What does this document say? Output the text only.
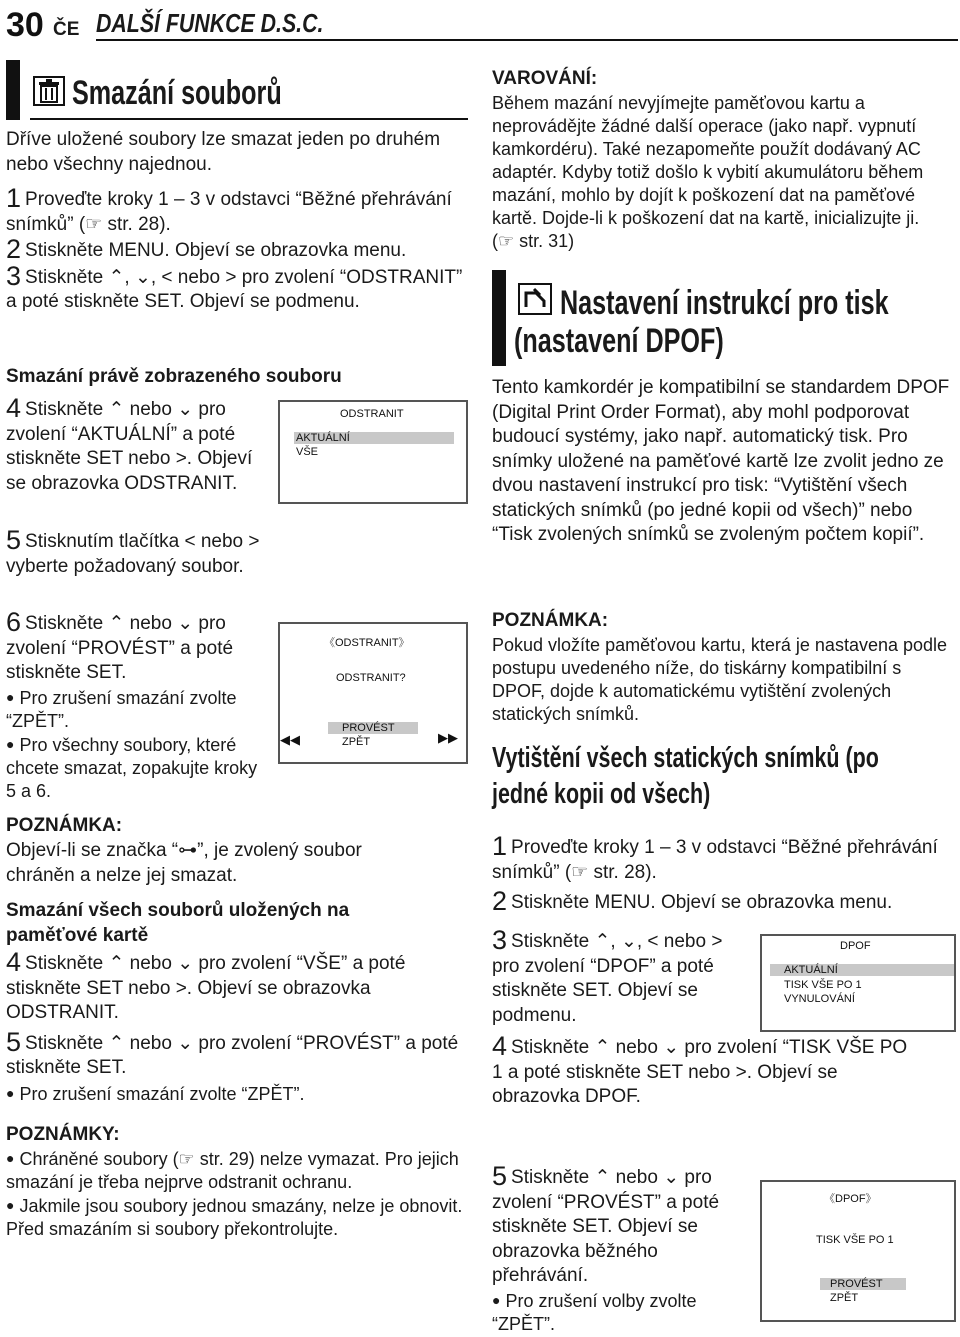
30 ČE DALŠÍ FUNKCE D.S.C.
Smazání souborů

Dříve uložené soubory lze smazat jeden po druhém nebo všechny najednou.

1 Proveďte kroky 1 – 3 v odstavci “Běžné přehrávání snímků” (☞ str. 28).

2 Stiskněte MENU. Objeví se obrazovka menu.

3 Stiskněte ⌃, ⌄, < nebo > pro zvolení “ODSTRANIT” a poté stiskněte SET. Objeví se podmenu.

Smazání právě zobrazeného souboru

4 Stiskněte ⌃ nebo ⌄ pro zvolení “AKTUÁLNÍ” a poté stiskněte SET nebo >. Objeví se obrazovka ODSTRANIT.

5 Stisknutím tlačítka < nebo > vyberte požadovaný soubor.

6 Stiskněte ⌃ nebo ⌄ pro zvolení “PROVÉST” a poté stiskněte SET.

● Pro zrušení smazání zvolte “ZPĚT”.

● Pro všechny soubory, které chcete smazat, zopakujte kroky 5 a 6.

ODSTRANIT
AKTUÁLNÍ
VŠE
《ODSTRANIT》
ODSTRANIT?
PROVÉST
ZPĚT
◀◀	▶▶
POZNÁMKA:
Objeví-li se značka “⊶”, je zvolený soubor chráněn a nelze jej smazat.
Smazání všech souborů uložených na paměťové kartě

4 Stiskněte ⌃ nebo ⌄ pro zvolení “VŠE” a poté stiskněte SET nebo >. Objeví se obrazovka ODSTRANIT.

5 Stiskněte ⌃ nebo ⌄ pro zvolení “PROVÉST” a poté stiskněte SET.

● Pro zrušení smazání zvolte “ZPĚT”.

POZNÁMKY:

● Chráněné soubory (☞ str. 29) nelze vymazat. Pro jejich smazání je třeba nejprve odstranit ochranu.

● Jakmile jsou soubory jednou smazány, nelze je obnovit. Před smazáním si soubory překontrolujte.

VAROVÁNÍ:
Během mazání nevyjímejte paměťovou kartu a neprovádějte žádné další operace (jako např. vypnutí kamkordéru). Také nezapomeňte použít dodávaný AC adaptér. Kdyby totiž došlo k vybití akumulátoru během mazání, mohlo by dojít k poškození dat na paměťové kartě. Dojde-li k poškození dat na kartě, inicializujte ji. (☞ str. 31)
Nastavení instrukcí pro tisk
(nastavení DPOF)
Tento kamkordér je kompatibilní se standardem DPOF (Digital Print Order Format), aby mohl podporovat budoucí systémy, jako např. automatický tisk. Pro snímky uložené na paměťové kartě lze zvolit jedno ze dvou nastavení instrukcí pro tisk: “Vytištění všech statických snímků (po jedné kopii od všech)” nebo “Tisk zvolených snímků se zvoleným počtem kopií”.
POZNÁMKA:
Pokud vložíte paměťovou kartu, která je nastavena podle postupu uvedeného níže, do tiskárny kompatibilní s DPOF, dojde k automatickému vytištění zvolených statických snímků.
Vytištění všech statických snímků (po
jedné kopii od všech)

1 Proveďte kroky 1 – 3 v odstavci “Běžné přehrávání snímků” (☞ str. 28).

2 Stiskněte MENU. Objeví se obrazovka menu.

3 Stiskněte ⌃, ⌄, < nebo > pro zvolení “DPOF” a poté stiskněte SET. Objeví se podmenu.

4 Stiskněte ⌃ nebo ⌄ pro zvolení “TISK VŠE PO 1 a poté stiskněte SET nebo >. Objeví se obrazovka DPOF.

5 Stiskněte ⌃ nebo ⌄ pro zvolení “PROVÉST” a poté stiskněte SET. Objeví se obrazovka běžného přehrávání.

● Pro zrušení volby zvolte “ZPĚT”.

DPOF
AKTUÁLNÍ
TISK VŠE PO 1
VYNULOVÁNÍ
《DPOF》
TISK VŠE PO 1
PROVÉST
ZPĚT
